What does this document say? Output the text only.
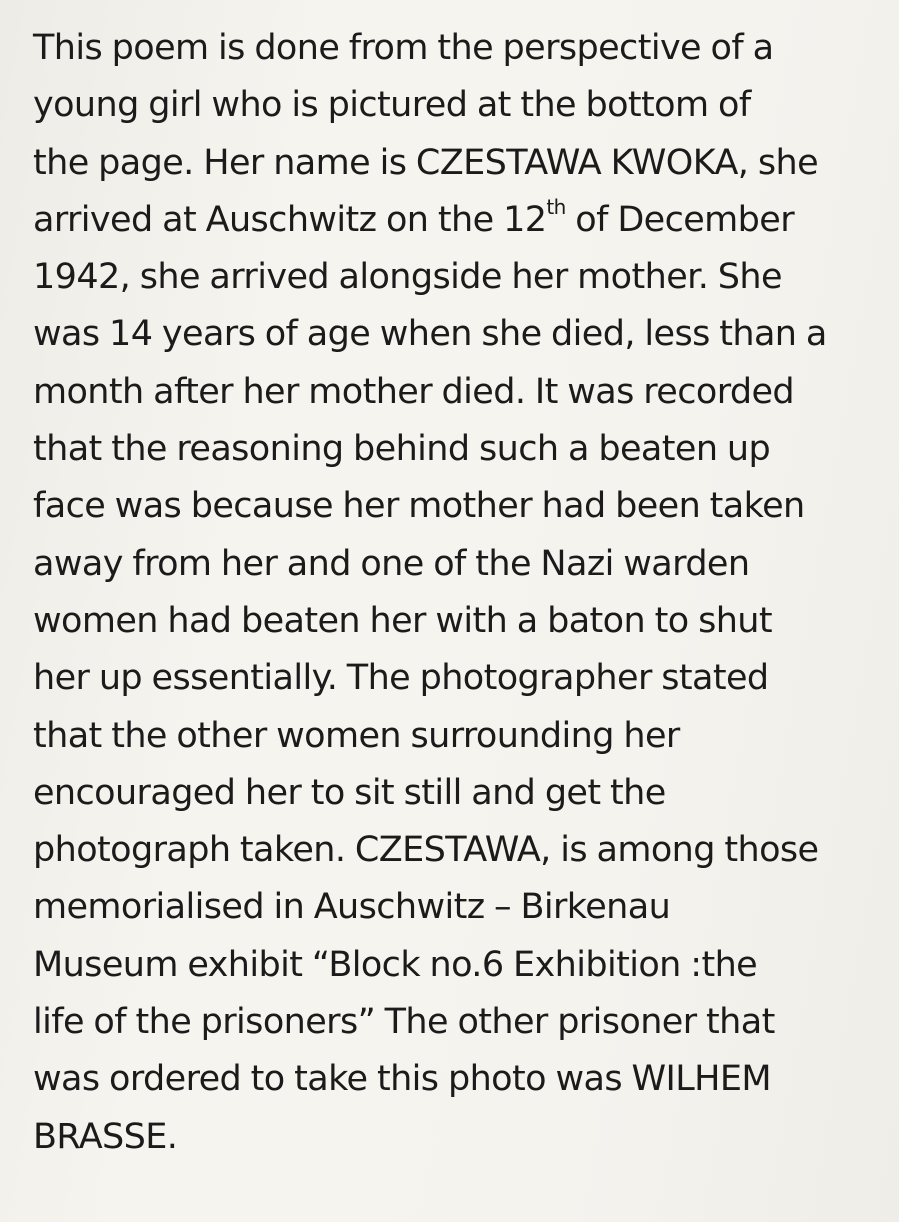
This poem is done from the perspective of a
young girl who is pictured at the bottom of
the page. Her name is CZESTAWA KWOKA, she
arrived at Auschwitz on the 12th of December
1942, she arrived alongside her mother. She
was 14 years of age when she died, less than a
month after her mother died. It was recorded
that the reasoning behind such a beaten up
face was because her mother had been taken
away from her and one of the Nazi warden
women had beaten her with a baton to shut
her up essentially. The photographer stated
that the other women surrounding her
encouraged her to sit still and get the
photograph taken. CZESTAWA, is among those
memorialised in Auschwitz – Birkenau
Museum exhibit “Block no.6 Exhibition :the
life of the prisoners” The other prisoner that
was ordered to take this photo was WILHEM
BRASSE.
